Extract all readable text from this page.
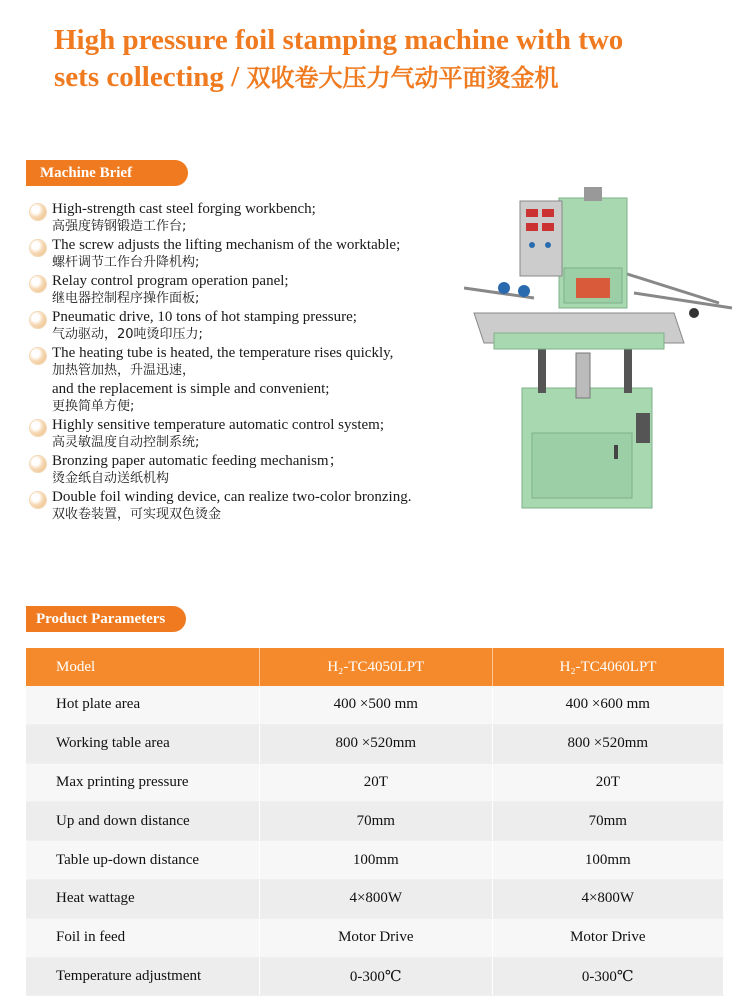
High pressure foil stamping machine with two
sets collecting / 双收卷大压力气动平面烫金机
Machine Brief
High-strength cast steel forging workbench;
高强度铸钢锻造工作台;
The screw adjusts the lifting mechanism of the worktable;
螺杆调节工作台升降机构;
Relay control program operation panel;
继电器控制程序操作面板;
Pneumatic drive, 10 tons of hot stamping pressure;
气动驱动，20吨烫印压力;
The heating tube is heated, the temperature rises quickly,
加热管加热，升温迅速，
and the replacement is simple and convenient;
更换简单方便;
Highly sensitive temperature automatic control system;
高灵敏温度自动控制系统;
Bronzing paper automatic feeding mechanism；
烫金纸自动送纸机构
Double foil winding device, can realize two-color bronzing.
双收卷装置，可实现双色烫金
Product Parameters
Model	H₂-TC4050LPT	H₂-TC4060LPT
Hot plate area	400 ×500 mm	400 ×600 mm
Working table area	800 ×520mm	800 ×520mm
Max printing pressure	20T	20T
Up and down distance	70mm	70mm
Table up-down distance	100mm	100mm
Heat wattage	4×800W	4×800W
Foil in feed	Motor Drive	Motor Drive
Temperature adjustment	0-300℃	0-300℃
